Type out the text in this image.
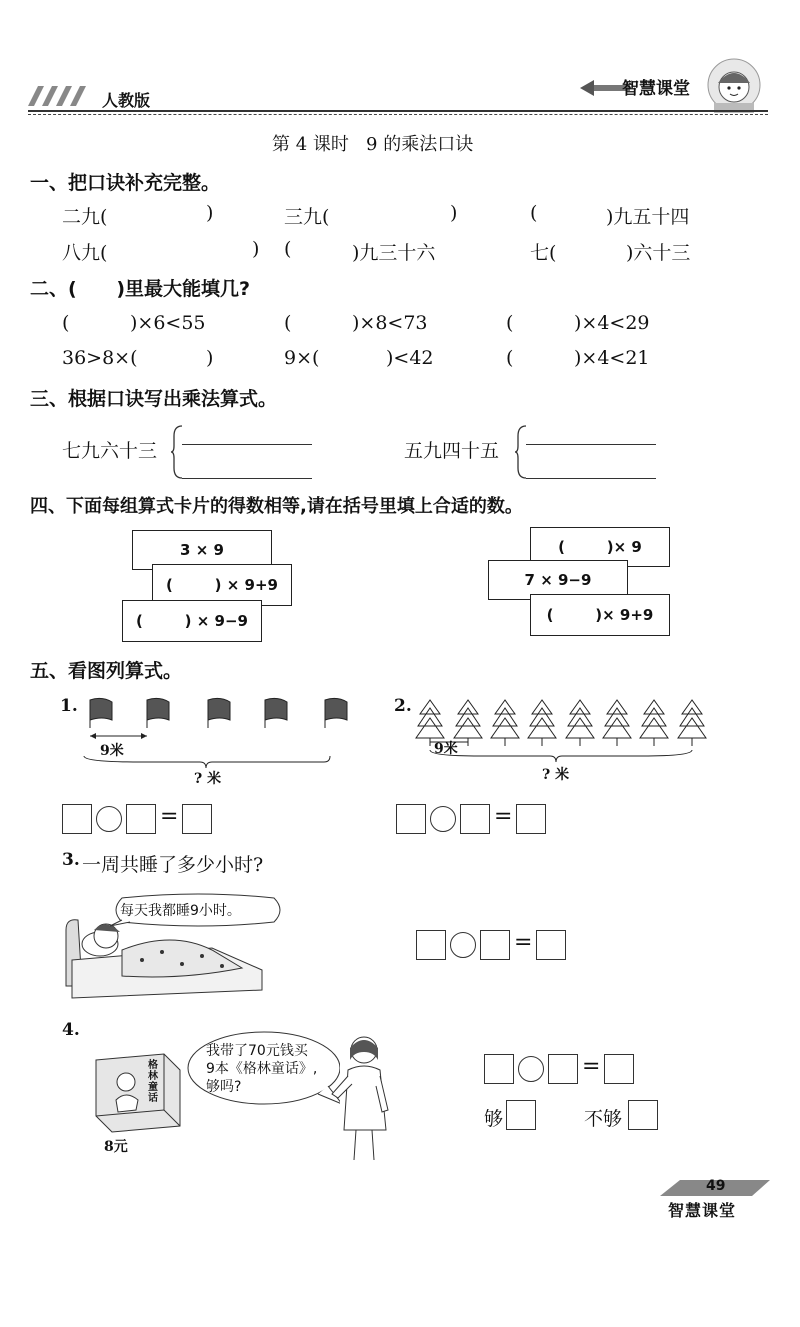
人教版
智慧课堂
第 4 课时   9 的乘法口诀
一、把口诀补充完整。
二九(	)	三九(	)	(	)九五十四
八九(	) (	)九三十六	七(	)六十三
二、(      )里最大能填几?
(	)×6<55	(	)×8<73	(	)×4<29
36>8×(	)	9×(	)<42	(	)×4<21
三、根据口诀写出乘法算式。
七九六十三	五九四十五
四、下面每组算式卡片的得数相等,请在括号里填上合适的数。
3 × 9
(        ) × 9+9
(        ) × 9−9
(        )× 9
7 × 9−9
(        )× 9+9
五、看图列算式。
1.
9米
? 米
=
2.
9米
? 米
=
3. 一周共睡了多少小时?
每天我都睡9小时。
=
4.
格林童话
8元
我带了70元钱买
9本《格林童话》,
够吗?
=
够	不够
49
智慧课堂
